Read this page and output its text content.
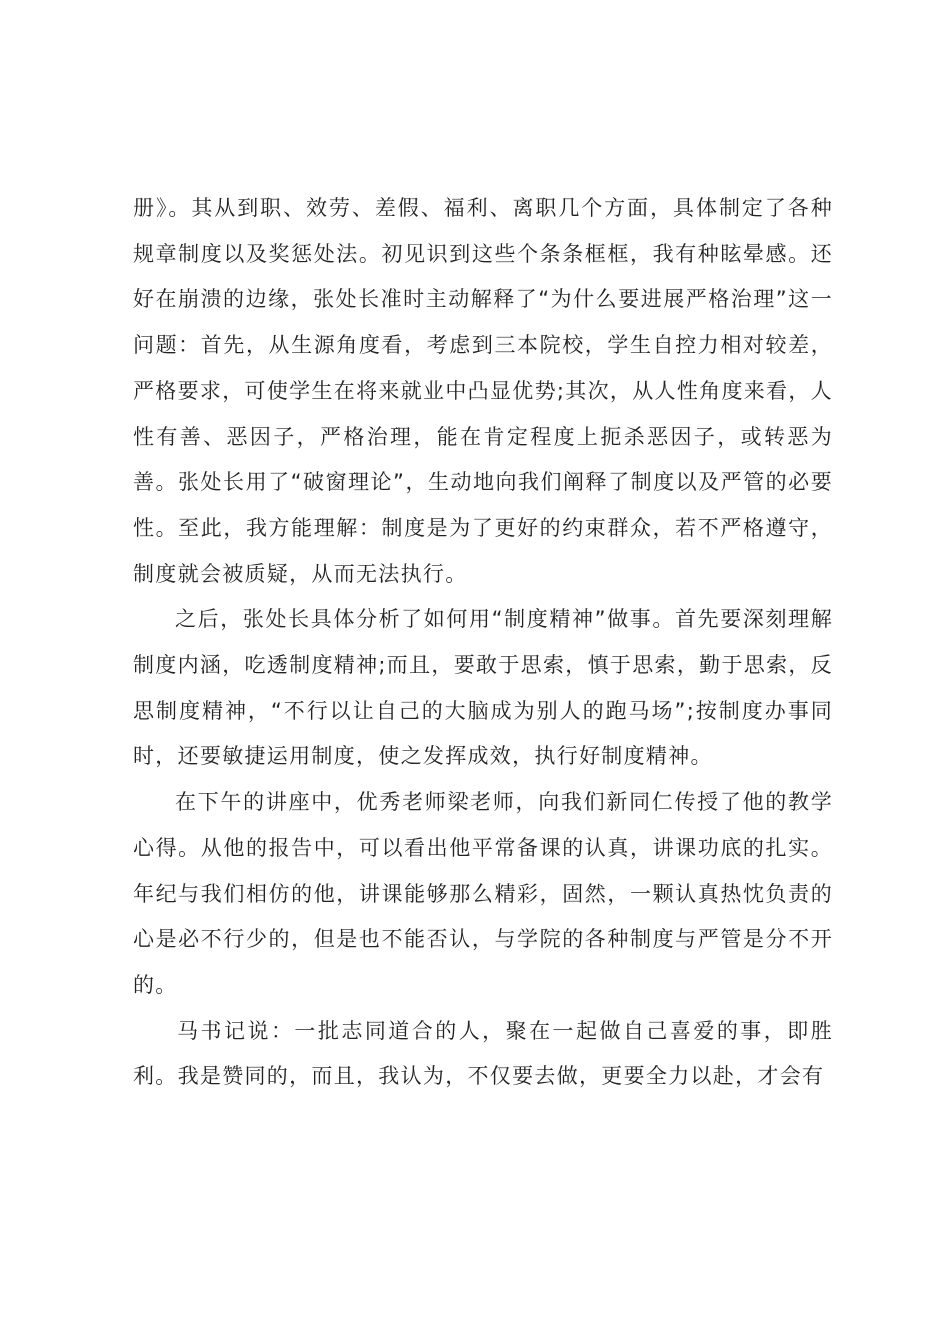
册》。其从到职、效劳、差假、福利、离职几个方面，具体制定了各种规章制度以及奖惩处法。初见识到这些个条条框框，我有种眩晕感。还好在崩溃的边缘，张处长准时主动解释了“为什么要进展严格治理”这一问题：首先，从生源角度看，考虑到三本院校，学生自控力相对较差，严格要求，可使学生在将来就业中凸显优势;其次，从人性角度来看，人性有善、恶因子，严格治理，能在肯定程度上扼杀恶因子，或转恶为善。张处长用了“破窗理论”，生动地向我们阐释了制度以及严管的必要性。至此，我方能理解：制度是为了更好的约束群众，若不严格遵守，制度就会被质疑，从而无法执行。

之后，张处长具体分析了如何用“制度精神”做事。首先要深刻理解制度内涵，吃透制度精神;而且，要敢于思索，慎于思索，勤于思索，反思制度精神，“不行以让自己的大脑成为别人的跑马场”;按制度办事同时，还要敏捷运用制度，使之发挥成效，执行好制度精神。

在下午的讲座中，优秀老师梁老师，向我们新同仁传授了他的教学心得。从他的报告中，可以看出他平常备课的认真，讲课功底的扎实。年纪与我们相仿的他，讲课能够那么精彩，固然，一颗认真热忱负责的心是必不行少的，但是也不能否认，与学院的各种制度与严管是分不开的。

马书记说：一批志同道合的人，聚在一起做自己喜爱的事，即胜利。我是赞同的，而且，我认为，不仅要去做，更要全力以赴，才会有
